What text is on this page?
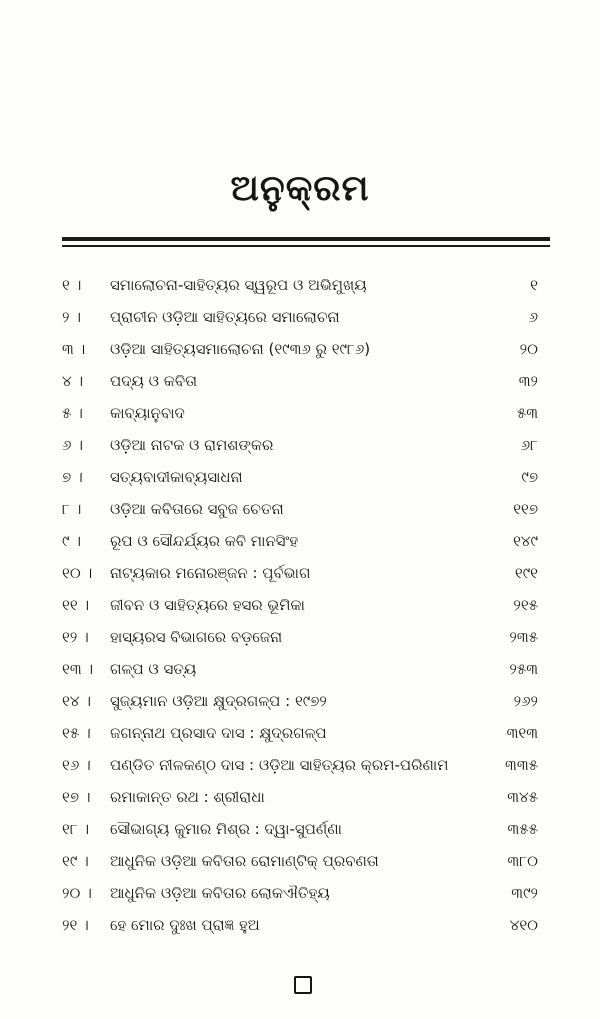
ଅନୁକ୍ରମ
୧ ।	ସମାଲୋଚନା-ସାହିତ୍ୟର ସ୍ୱରୂପ ଓ ଅଭିମୁଖ୍ୟ	୧
୨ ।	ପ୍ରାଚୀନ ଓଡ଼ିଆ ସାହିତ୍ୟରେ ସମାଲୋଚନା	୬
୩ ।	ଓଡ଼ିଆ ସାହିତ୍ୟସମାଲୋଚନା (୧୯୩୬ ରୁ ୧୯୮୬)	୨୦
୪ ।	ପଦ୍ୟ ଓ କବିତା	୩୨
୫ ।	କାବ୍ୟାନୁବାଦ	୫୩
୬ ।	ଓଡ଼ିଆ ନାଟକ ଓ ରାମଶଙ୍କର	୬୮
୭ ।	ସତ୍ୟବାଦୀକାବ୍ୟସାଧନା	୯୭
୮ ।	ଓଡ଼ିଆ କବିତାରେ ସବୁଜ ଚେତନା	୧୧୭
୯ ।	ରୂପ ଓ ସୌନ୍ଦର୍ଯ୍ୟର କବି ମାନସିଂହ	୧୪୯
୧୦ ।	ନାଟ୍ୟକାର ମନୋରଞ୍ଜନ : ପୂର୍ବଭାଗ	୧୯୧
୧୧ ।	ଜୀବନ ଓ ସାହିତ୍ୟରେ ହସର ଭୂମିକା	୨୧୫
୧୨ ।	ହାସ୍ୟରସ ବିଭାଗରେ ବଡ଼ଜେନା	୨୩୫
୧୩ ।	ଗଳ୍ପ ଓ ସତ୍ୟ	୨୫୩
୧୪ ।	ସୁଜ୍ୟମାନ ଓଡ଼ିଆ କ୍ଷୁଦ୍ରଗଳ୍ପ : ୧୯୭୨	୨୬୨
୧୫ ।	ଜଗନ୍ନାଥ ପ୍ରସାଦ ଦାସ : କ୍ଷୁଦ୍ରଗଳ୍ପ	୩୧୩
୧୬ ।	ପଣ୍ଡିତ ନୀଳକଣ୍ଠ ଦାସ : ଓଡ଼ିଆ ସାହିତ୍ୟର କ୍ରମ-ପରିଣାମ	୩୩୫
୧୭ ।	ରମାକାନ୍ତ ରଥ : ଶ୍ରୀରାଧା	୩୪୫
୧୮ ।	ସୌଭାଗ୍ୟ କୁମାର ମିଶ୍ର : ଦ୍ୱା-ସୁପର୍ଣ୍ଣା	୩୫୫
୧୯ ।	ଆଧୁନିକ ଓଡ଼ିଆ କବିତାର ରୋମାଣ୍ଟିକ୍ ପ୍ରବଣତା	୩୮୦
୨୦ ।	ଆଧୁନିକ ଓଡ଼ିଆ କବିତାର ଲୋକଐତିହ୍ୟ	୩୯୨
୨୧ ।	ହେ ମୋର ଦୁଃଖ ପ୍ରାଜ୍ଞ ହୁଅ	୪୧୦
